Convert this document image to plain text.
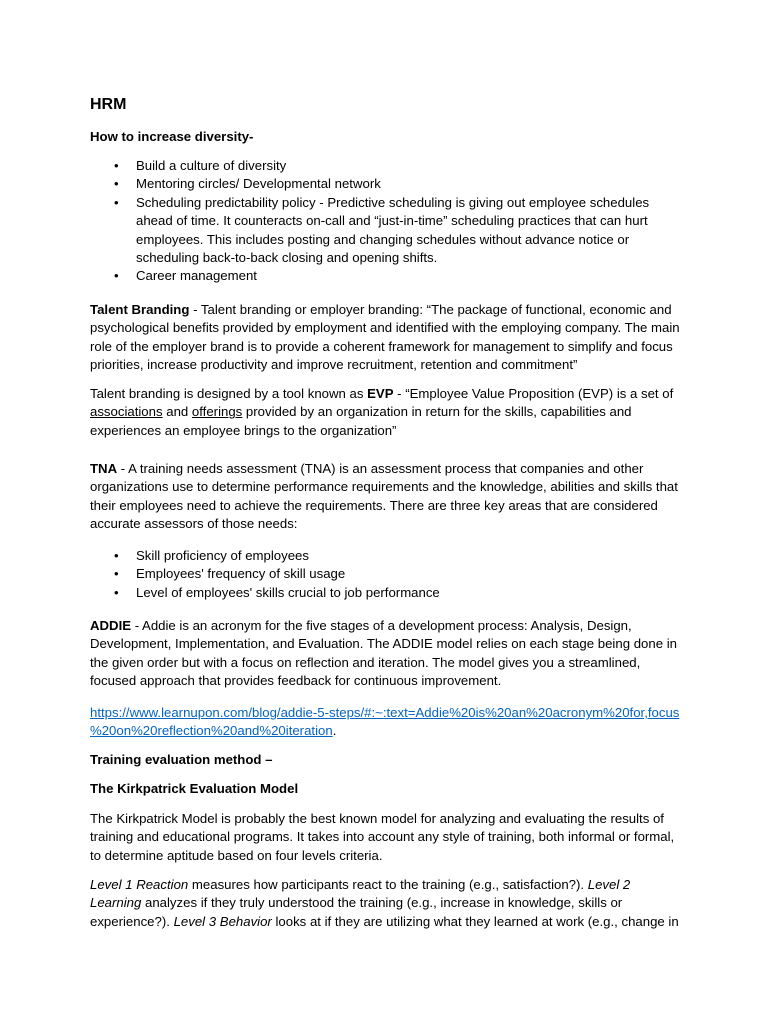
HRM
How to increase diversity-
• Build a culture of diversity
• Mentoring circles/ Developmental network
• Scheduling predictability policy - Predictive scheduling is giving out employee schedules ahead of time. It counteracts on-call and “just-in-time” scheduling practices that can hurt employees. This includes posting and changing schedules without advance notice or scheduling back-to-back closing and opening shifts.
• Career management

Talent Branding - Talent branding or employer branding: “The package of functional, economic and psychological benefits provided by employment and identified with the employing company. The main role of the employer brand is to provide a coherent framework for management to simplify and focus priorities, increase productivity and improve recruitment, retention and commitment”

Talent branding is designed by a tool known as EVP - “Employee Value Proposition (EVP) is a set of associations and offerings provided by an organization in return for the skills, capabilities and experiences an employee brings to the organization”

TNA - A training needs assessment (TNA) is an assessment process that companies and other organizations use to determine performance requirements and the knowledge, abilities and skills that their employees need to achieve the requirements. There are three key areas that are considered accurate assessors of those needs:

• Skill proficiency of employees
• Employees' frequency of skill usage
• Level of employees' skills crucial to job performance

ADDIE - Addie is an acronym for the five stages of a development process: Analysis, Design, Development, Implementation, and Evaluation. The ADDIE model relies on each stage being done in the given order but with a focus on reflection and iteration. The model gives you a streamlined, focused approach that provides feedback for continuous improvement.

https://www.learnupon.com/blog/addie-5-steps/#:~:text=Addie%20is%20an%20acronym%20for,focus
%20on%20reflection%20and%20iteration.

Training evaluation method –
The Kirkpatrick Evaluation Model

The Kirkpatrick Model is probably the best known model for analyzing and evaluating the results of training and educational programs. It takes into account any style of training, both informal or formal, to determine aptitude based on four levels criteria.

Level 1 Reaction measures how participants react to the training (e.g., satisfaction?). Level 2
Learning analyzes if they truly understood the training (e.g., increase in knowledge, skills or
experience?). Level 3 Behavior looks at if they are utilizing what they learned at work (e.g., change in
